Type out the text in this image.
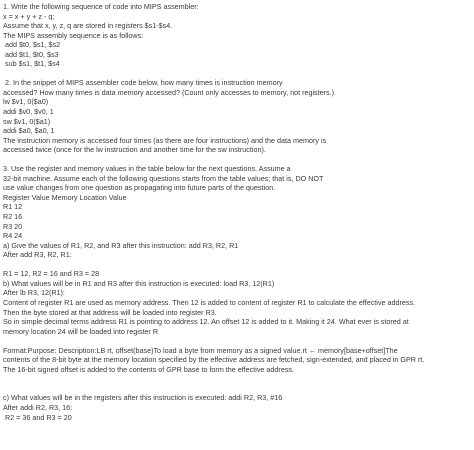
1. Write the following sequence of code into MIPS assembler:
x = x + y + z - q;
Assume that x, y, z, q are stored in registers $s1-$s4.
The MIPS assembly sequence is as follows:
add $t0, $s1, $s2
add $t1, $t0, $s3
sub $s1, $t1, $s4
2. In the snippet of MIPS assembler code below, how many times is instruction memory
accessed? How many times is data memory accessed? (Count only accesses to memory, not registers.)
lw $v1, 0($a0)
addi $v0, $v0, 1
sw $v1, 0($a1)
addi $a0, $a0, 1
The instruction memory is accessed four times (as there are four instructions) and the data memory is
accessed twice (once for the lw instruction and another time for the sw instruction).
3. Use the register and memory values in the table below for the next questions. Assume a
32-bit machine. Assume each of the following questions starts from the table values; that is, DO NOT
use value changes from one question as propagating into future parts of the question.
Register Value Memory Location Value
R1 12
R2 16
R3 20
R4 24
a) Give the values of R1, R2, and R3 after this instruction: add R3, R2, R1
After add R3, R2, R1:
R1 = 12, R2 = 16 and R3 = 28
b) What values will be in R1 and R3 after this instruction is executed: load R3, 12(R1)
After lb R3, 12(R1):
Content of register R1 are used as memory address. Then 12 is added to content of register R1 to calculate the effective address.
Then the byte stored at that address will be loaded into register R3.
So in simple decimal terms address R1 is pointing to address 12. An offset 12 is added to it. Making it 24. What ever is stored at
memory location 24 will be loaded into register R
Format:Purpose: Description:LB rt, offset(base)To load a byte from memory as a signed value.rt ← memory[base+offset]The
contents of the 8-bit byte at the memory location specified by the effective address are fetched, sign-extended, and placed in GPR rt.
The 16-bit signed offset is added to the contents of GPR base to form the effective address.
c) What values will be in the registers after this instruction is executed: addi R2, R3, #16
After addi R2, R3, 16:
R2 = 36 and R3 = 20
